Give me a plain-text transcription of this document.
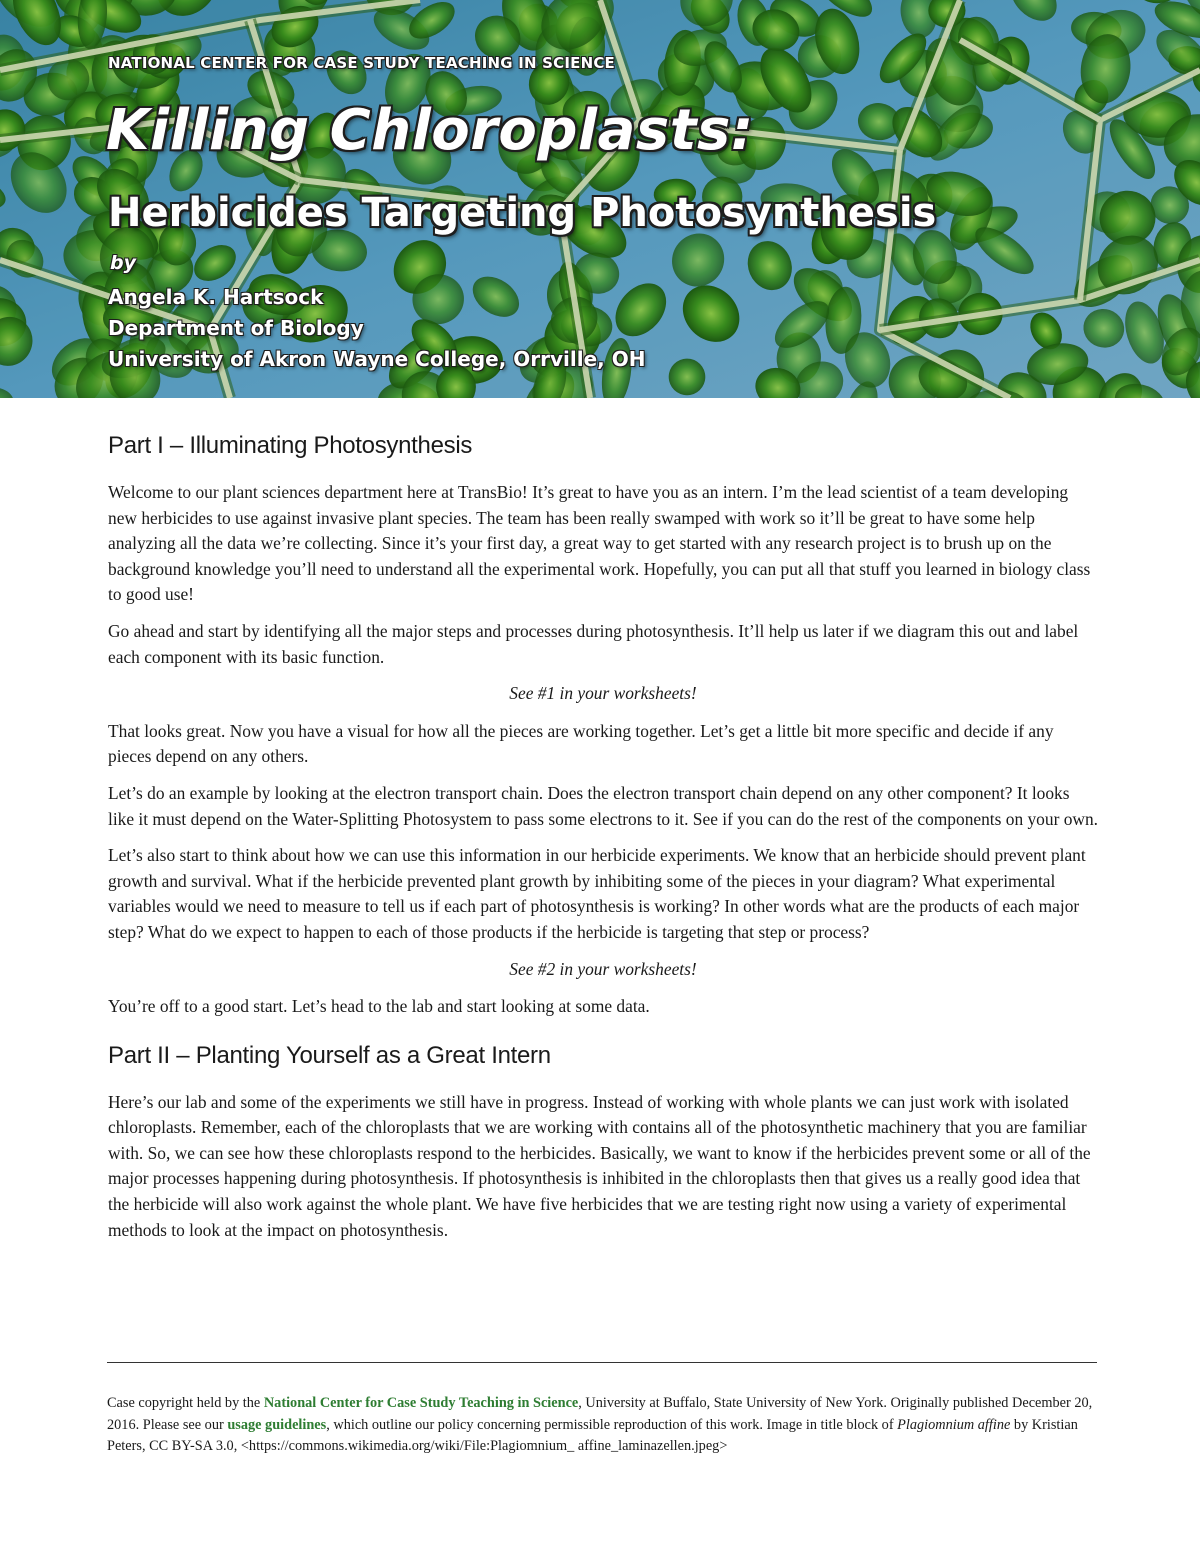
NATIONAL CENTER FOR CASE STUDY TEACHING IN SCIENCE
Killing Chloroplasts:
Herbicides Targeting Photosynthesis
by
Angela K. Hartsock
Department of Biology
University of Akron Wayne College, Orrville, OH
Part I – Illuminating Photosynthesis

Welcome to our plant sciences department here at TransBio! It’s great to have you as an intern. I’m the lead scientist of a team developing new herbicides to use against invasive plant species. The team has been really swamped with work so it’ll be great to have some help analyzing all the data we’re collecting. Since it’s your first day, a great way to get started with any research project is to brush up on the background knowledge you’ll need to understand all the experimental work. Hopefully, you can put all that stuff you learned in biology class to good use!

Go ahead and start by identifying all the major steps and processes during photosynthesis. It’ll help us later if we diagram this out and label each component with its basic function.

See #1 in your worksheets!

That looks great. Now you have a visual for how all the pieces are working together. Let’s get a little bit more specific and decide if any pieces depend on any others.

Let’s do an example by looking at the electron transport chain. Does the electron transport chain depend on any other component? It looks like it must depend on the Water-Splitting Photosystem to pass some electrons to it. See if you can do the rest of the components on your own.

Let’s also start to think about how we can use this information in our herbicide experiments. We know that an herbicide should prevent plant growth and survival. What if the herbicide prevented plant growth by inhibiting some of the pieces in your diagram? What experimental variables would we need to measure to tell us if each part of photosynthesis is working? In other words what are the products of each major step? What do we expect to happen to each of those products if the herbicide is targeting that step or process?

See #2 in your worksheets!

You’re off to a good start. Let’s head to the lab and start looking at some data.

Part II – Planting Yourself as a Great Intern

Here’s our lab and some of the experiments we still have in progress. Instead of working with whole plants we can just work with isolated chloroplasts. Remember, each of the chloroplasts that we are working with contains all of the photosynthetic machinery that you are familiar with. So, we can see how these chloroplasts respond to the herbicides. Basically, we want to know if the herbicides prevent some or all of the major processes happening during photosynthesis. If photosynthesis is inhibited in the chloroplasts then that gives us a really good idea that the herbicide will also work against the whole plant. We have five herbicides that we are testing right now using a variety of experimental methods to look at the impact on photosynthesis.

Case copyright held by the National Center for Case Study Teaching in Science, University at Buffalo, State University of New York. Originally published December 20, 2016. Please see our usage guidelines, which outline our policy concerning permissible reproduction of this work. Image in title block of Plagiomnium affine by Kristian Peters, CC BY-SA 3.0, <https://commons.wikimedia.org/wiki/File:Plagiomnium_ affine_laminazellen.jpeg>
